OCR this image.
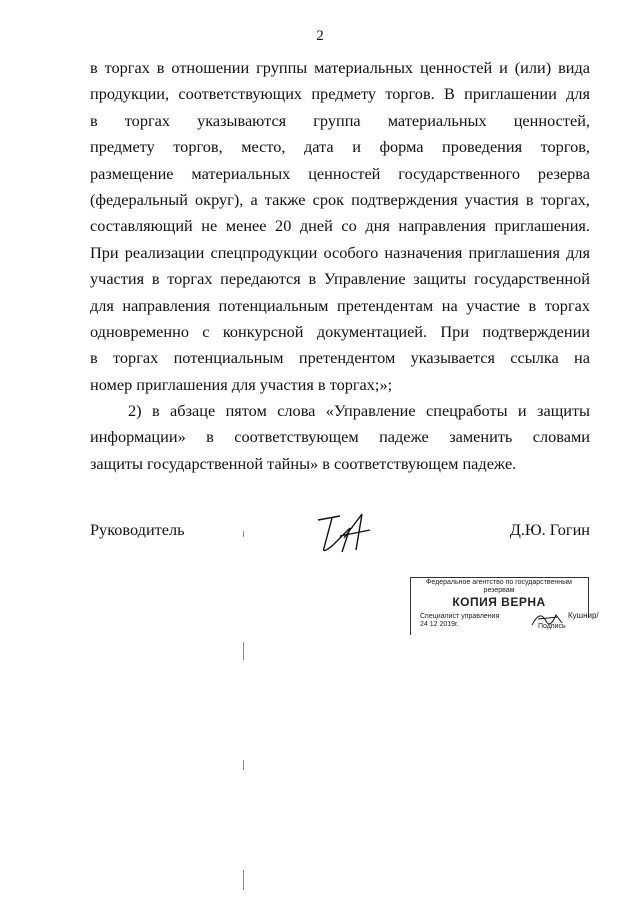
2
в торгах в отношении группы материальных ценностей и (или) вида
продукции, соответствующих предмету торгов. В приглашении для
в торгах указываются группа материальных ценностей,
предмету торгов, место, дата и форма проведения торгов,
размещение материальных ценностей государственного резерва
(федеральный округ), а также срок подтверждения участия в торгах,
составляющий не менее 20 дней со дня направления приглашения.
При реализации спецпродукции особого назначения приглашения для
участия в торгах передаются в Управление защиты государственной
для направления потенциальным претендентам на участие в торгах
одновременно с конкурсной документацией. При подтверждении
в торгах потенциальным претендентом указывается ссылка на
номер приглашения для участия в торгах;»;
2) в абзаце пятом слова «Управление спецработы и защиты
информации» в соответствующем падеже заменить словами
защиты государственной тайны» в соответствующем падеже.
Руководитель	Д.Ю. Гогин
Федеральное агентство по государственным резервам
КОПИЯ ВЕРНА
Специалист управления	Кушнир/
24 12 2019г.	Подпись
